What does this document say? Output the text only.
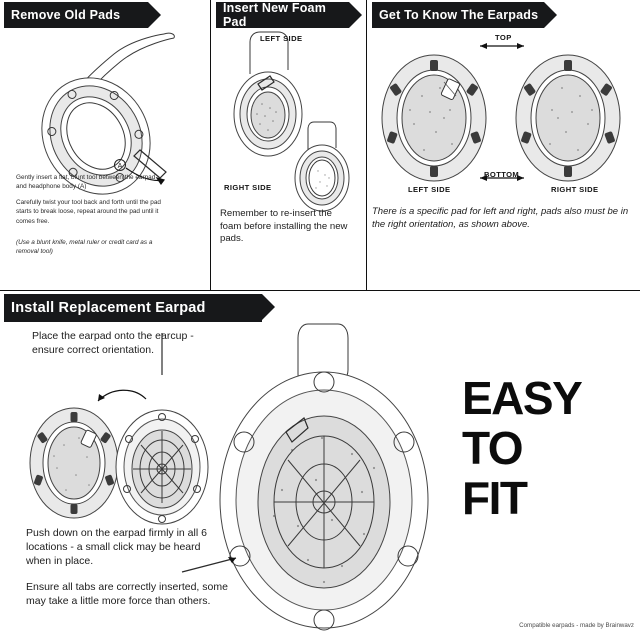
Remove Old Pads
A
Gently insert a flat, blunt tool between the earpad and headphone body (A)
Carefully twist your tool back and forth until the pad starts to break loose, repeat around the pad until it comes free.
(Use a blunt knife, metal ruler or credit card as a removal tool)
Insert New Foam Pad
LEFT SIDE
RIGHT SIDE
Remember to re-insert the foam before installing the new pads.
Get To Know The Earpads
TOP
BOTTOM
LEFT SIDE	RIGHT SIDE
There is a specific pad for left and right, pads also must be in the right orientation, as shown above.
Install Replacement Earpad
Place the earpad onto the earcup - ensure correct orientation.
Push down on the earpad firmly in all 6 locations - a small click may be heard when in place.
Ensure all tabs are correctly inserted, some may take a little more force than others.
EASY
TO
FIT
Compatible earpads - made by Brainwavz
